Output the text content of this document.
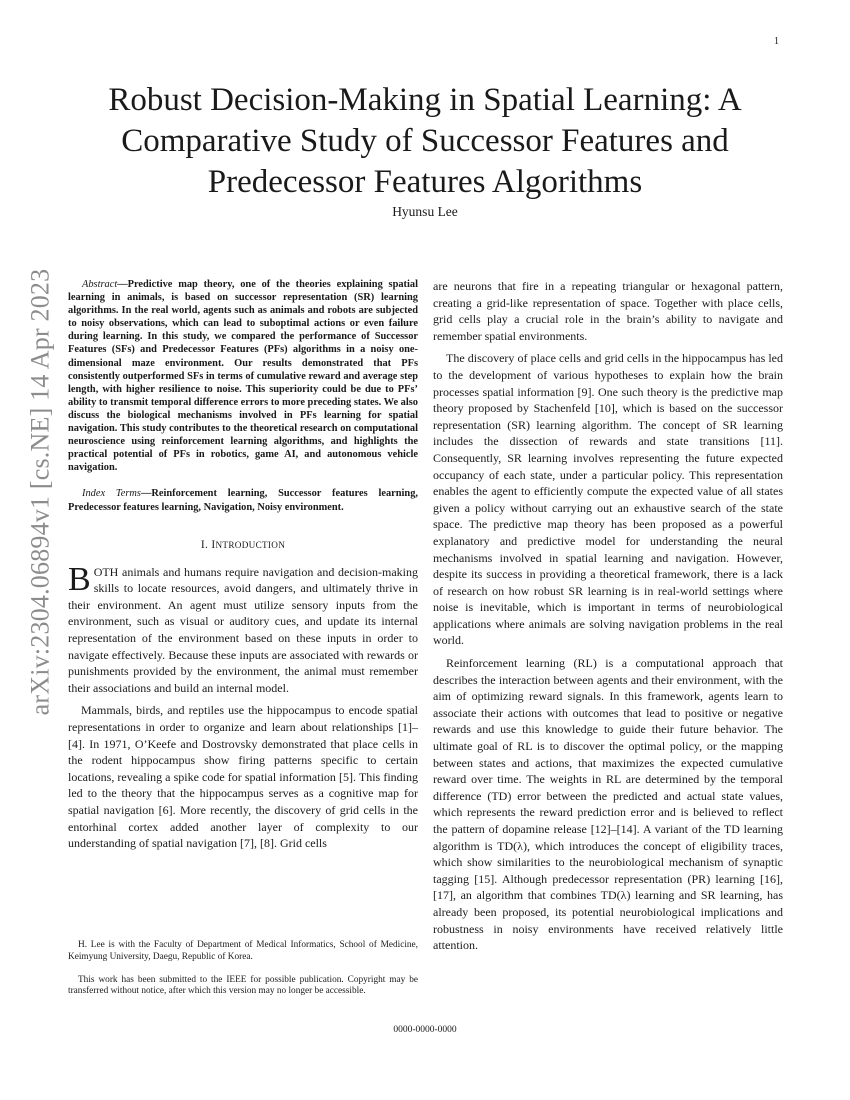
1
arXiv:2304.06894v1 [cs.NE] 14 Apr 2023
Robust Decision-Making in Spatial Learning: A Comparative Study of Successor Features and Predecessor Features Algorithms
Hyunsu Lee

Abstract—Predictive map theory, one of the theories explaining spatial learning in animals, is based on successor representation (SR) learning algorithms. In the real world, agents such as animals and robots are subjected to noisy observations, which can lead to suboptimal actions or even failure during learning. In this study, we compared the performance of Successor Features (SFs) and Predecessor Features (PFs) algorithms in a noisy one-dimensional maze environment. Our results demonstrated that PFs consistently outperformed SFs in terms of cumulative reward and average step length, with higher resilience to noise. This superiority could be due to PFs’ ability to transmit temporal difference errors to more preceding states. We also discuss the biological mechanisms involved in PFs learning for spatial navigation. This study contributes to the theoretical research on computational neuroscience using reinforcement learning algorithms, and highlights the practical potential of PFs in robotics, game AI, and autonomous vehicle navigation.

Index Terms—Reinforcement learning, Successor features learning, Predecessor features learning, Navigation, Noisy environment.

I. INTRODUCTION

BOTH animals and humans require navigation and decision-making skills to locate resources, avoid dangers, and ultimately thrive in their environment. An agent must utilize sensory inputs from the environment, such as visual or auditory cues, and update its internal representation of the environment based on these inputs in order to navigate effectively. Because these inputs are associated with rewards or punishments provided by the environment, the animal must remember their associations and build an internal model.

Mammals, birds, and reptiles use the hippocampus to encode spatial representations in order to organize and learn about relationships [1]–[4]. In 1971, O’Keefe and Dostrovsky demonstrated that place cells in the rodent hippocampus show firing patterns specific to certain locations, revealing a spike code for spatial information [5]. This finding led to the theory that the hippocampus serves as a cognitive map for spatial navigation [6]. More recently, the discovery of grid cells in the entorhinal cortex added another layer of complexity to our understanding of spatial navigation [7], [8]. Grid cells

are neurons that fire in a repeating triangular or hexagonal pattern, creating a grid-like representation of space. Together with place cells, grid cells play a crucial role in the brain’s ability to navigate and remember spatial environments.

The discovery of place cells and grid cells in the hippocampus has led to the development of various hypotheses to explain how the brain processes spatial information [9]. One such theory is the predictive map theory proposed by Stachenfeld [10], which is based on the successor representation (SR) learning algorithm. The concept of SR learning includes the dissection of rewards and state transitions [11]. Consequently, SR learning involves representing the future expected occupancy of each state, under a particular policy. This representation enables the agent to efficiently compute the expected value of all states given a policy without carrying out an exhaustive search of the state space. The predictive map theory has been proposed as a powerful explanatory and predictive model for understanding the neural mechanisms involved in spatial learning and navigation. However, despite its success in providing a theoretical framework, there is a lack of research on how robust SR learning is in real-world settings where noise is inevitable, which is important in terms of neurobiological applications where animals are solving navigation problems in the real world.

Reinforcement learning (RL) is a computational approach that describes the interaction between agents and their environment, with the aim of optimizing reward signals. In this framework, agents learn to associate their actions with outcomes that lead to positive or negative rewards and use this knowledge to guide their future behavior. The ultimate goal of RL is to discover the optimal policy, or the mapping between states and actions, that maximizes the expected cumulative reward over time. The weights in RL are determined by the temporal difference (TD) error between the predicted and actual state values, which represents the reward prediction error and is believed to reflect the pattern of dopamine release [12]–[14]. A variant of the TD learning algorithm is TD(λ), which introduces the concept of eligibility traces, which show similarities to the neurobiological mechanism of synaptic tagging [15]. Although predecessor representation (PR) learning [16], [17], an algorithm that combines TD(λ) learning and SR learning, has already been proposed, its potential neurobiological implications and robustness in noisy environments have received relatively little attention.

H. Lee is with the Faculty of Department of Medical Informatics, School of Medicine, Keimyung University, Daegu, Republic of Korea.

This work has been submitted to the IEEE for possible publication. Copyright may be transferred without notice, after which this version may no longer be accessible.

0000-0000-0000
